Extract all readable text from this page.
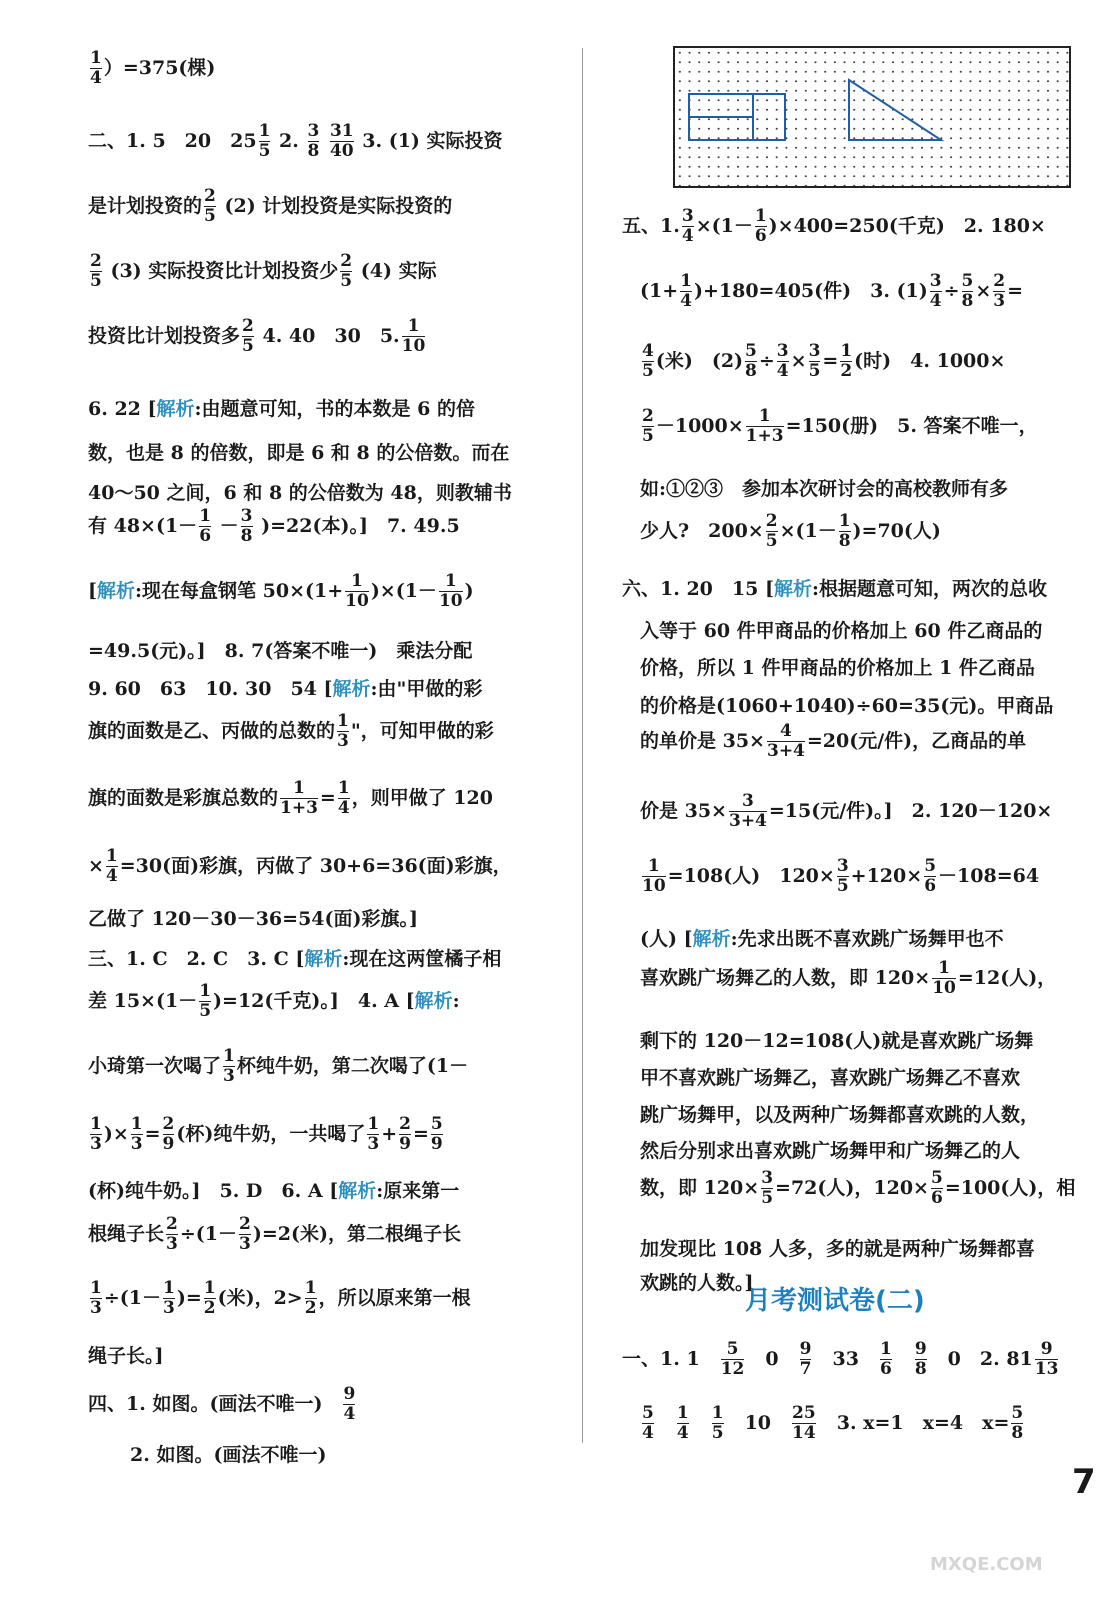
$\frac{1}{4} )=375$(棵)
二、1. 5　20　$25 \frac{1}{5} 2$. $\frac{3}{8}$
$\frac{31}{40} 3$. (1) 实际投资
是计划投资的 $\frac{2}{5} (2)$ 计划投资是实际投资的
$\frac{2}{5} (3)$ 实际投资比计划投资少 $\frac{2}{5} (4)$ 实际
投资比计划投资多 $\frac{2}{5} 4$. 40　30　5. $\frac{1}{10}$
6. 22 [解析:由题意可知，书的本数是 6 的倍
数，也是 8 的倍数，即是 6 和 8 的公倍数。而在
40～50 之间，6 和 8 的公倍数为 48，则教辅书
有 $48\times(1- \frac{1}{6} - \frac{3}{8} )=22$(本)。]　7. 49.5
[解析:现在每盒钢笔 $50\times(1+ \frac{1}{10} )\times(1- \frac{1}{10}$ )
=49.5(元)。]　8. 7(答案不唯一)　乘法分配
9. 60　63　10. 30　54 [解析:由"甲做的彩
旗的面数是乙、丙做的总数的 $\frac{1}{3}$ "，可知甲做的彩
旗的面数是彩旗总数的 $\frac{1}{1+3} = \frac{1}{4}$ ，则甲做了 120
× $\frac{1}{4} =30$(面)彩旗，丙做了 30+6=36(面)彩旗，
乙做了 120－30－36=54(面)彩旗。]
三、1. C　2. C　3. C [解析:现在这两筐橘子相
差 $15\times(1- \frac{1}{5} )=12$(千克)。]　4. A [解析:
小琦第一次喝了 $\frac{1}{3}$ 杯纯牛奶，第二次喝了(1－
$\frac{1}{3}$ )× $\frac{1}{3} = \frac{2}{9}$ (杯)纯牛奶，一共喝了 $\frac{1}{3} + \frac{2}{9} = \frac{5}{9}$
(杯)纯牛奶。]　5. D　6. A [解析:原来第一
根绳子长 $\frac{2}{3} \div(1- \frac{2}{3} )=2$(米)，第二根绳子长
$\frac{1}{3} \div(1- \frac{1}{3}$ )= $\frac{1}{2}$ (米)，$2> \frac{1}{2}$ ，所以原来第一根
绳子长。]
四、1. 如图。(画法不唯一)　 $\frac{9}{4}$
2. 如图。(画法不唯一)
五、1. $\frac{3}{4} \times(1- \frac{1}{6} )\times 400=250$(千克)　2. 180×
$(1+ \frac{1}{4} )+180=405$(件)　3. $(1) \frac{3}{4} \div \frac{5}{8} \times \frac{2}{3}$ =
$\frac{4}{5}$ (米)　$(2) \frac{5}{8} \div \frac{3}{4} \times \frac{3}{5} = \frac{1}{2}$ (时)　4. 1000×
$\frac{2}{5} -1000\times \frac{1}{1+3} =150$(册)　5. 答案不唯一，
如:①②③　参加本次研讨会的高校教师有多
少人?　$200\times \frac{2}{5} \times(1- \frac{1}{8} )=70$(人)
六、1. 20　15 [解析:根据题意可知，两次的总收
入等于 60 件甲商品的价格加上 60 件乙商品的
价格，所以 1 件甲商品的价格加上 1 件乙商品
的价格是(1060+1040)÷60=35(元)。甲商品
的单价是 $35\times \frac{4}{3+4} =20$(元/件)，乙商品的单
价是 $35\times \frac{3}{3+4} =15$(元/件)。]　2. 120－120×
$\frac{1}{10} =108$(人)　$120\times \frac{3}{5} +120\times \frac{5}{6} -108=64$
(人) [解析:先求出既不喜欢跳广场舞甲也不
喜欢跳广场舞乙的人数，即 $120\times \frac{1}{10} =12$(人)，
剩下的 120－12=108(人)就是喜欢跳广场舞
甲不喜欢跳广场舞乙，喜欢跳广场舞乙不喜欢
跳广场舞甲，以及两种广场舞都喜欢跳的人数，
然后分别求出喜欢跳广场舞甲和广场舞乙的人
数，即 $120\times \frac{3}{5} =72$(人)，$120\times \frac{5}{6} =100$(人)，相
加发现比 108 人多，多的就是两种广场舞都喜
欢跳的人数。]
一、1. 1　 $\frac{5}{12}$
　 0　 $\frac{9}{7}$
　 33　 $\frac{1}{6}$
　 $\frac{9}{8}$
　 0　2. $81 \frac{9}{13}$
$\frac{5}{4}$
　 $\frac{1}{4}$
　 $\frac{1}{5}$
　 10　 $\frac{25}{14}$
　 3. x=1　x=4　$x= \frac{5}{8}$
月考测试卷(二)
7
MXQE.COM
